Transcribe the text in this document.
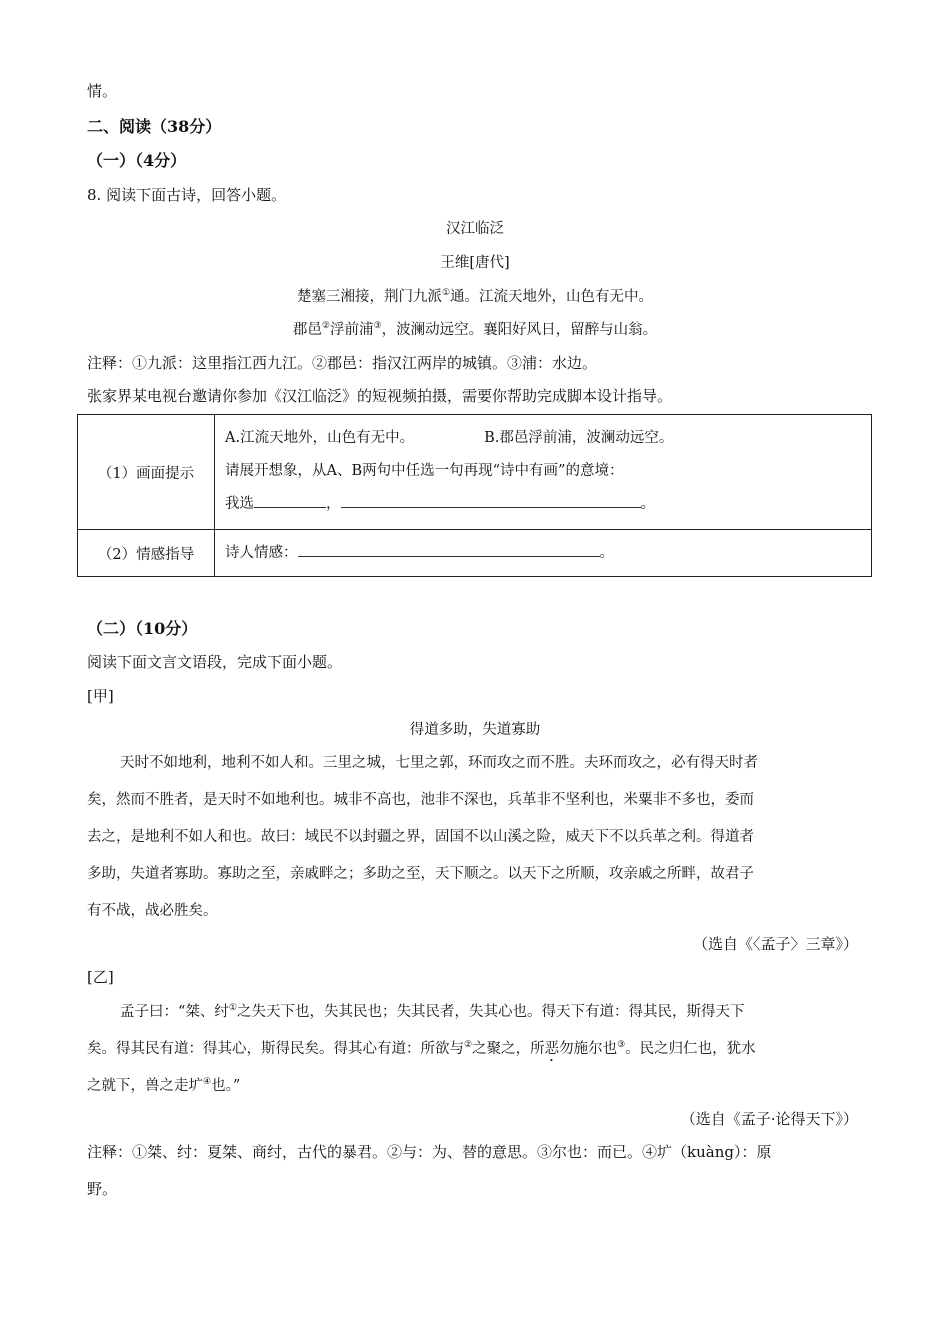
情。
二、阅读（38分）
（一）（4分）
8. 阅读下面古诗，回答小题。
汉江临泛
王维[唐代]
楚塞三湘接，荆门九派①通。江流天地外，山色有无中。
郡邑②浮前浦③，波澜动远空。襄阳好风日，留醉与山翁。
注释：①九派：这里指江西九江。②郡邑：指汉江两岸的城镇。③浦：水边。
张家界某电视台邀请你参加《汉江临泛》的短视频拍摄，需要你帮助完成脚本设计指导。
（1）画面提示	A.江流天地外，山色有无中。 B.郡邑浮前浦，波澜动远空。
请展开想象，从A、B两句中任选一句再现“诗中有画”的意境：
我选 ， 。

（2）情感指导	诗人情感： 。
（二）（10分）
阅读下面文言文语段，完成下面小题。
[甲]
得道多助，失道寡助
天时不如地利，地利不如人和。三里之城，七里之郭，环而攻之而不胜。夫环而攻之，必有得天时者
矣，然而不胜者，是天时不如地利也。城非不高也，池非不深也，兵革非不坚利也，米粟非不多也，委而
去之，是地利不如人和也。故曰：域民不以封疆之界，固国不以山溪之险，威天下不以兵革之利。得道者
多助，失道者寡助。寡助之至，亲戚畔之；多助之至，天下顺之。以天下之所顺，攻亲戚之所畔，故君子
有不战，战必胜矣。
（选自《〈孟子〉三章》）
[乙]
孟子曰：“桀、纣①之失天下也，失其民也；失其民者，失其心也。得天下有道：得其民，斯得天下
矣。得其民有道：得其心，斯得民矣。得其心有道：所欲与②之聚之，所恶勿施尔也③。民之归仁也，犹水
之就下，兽之走圹④也。”
（选自《孟子·论得天下》）
注释：①桀、纣：夏桀、商纣，古代的暴君。②与：为、替的意思。③尔也：而已。④圹（kuàng）：原
野。
